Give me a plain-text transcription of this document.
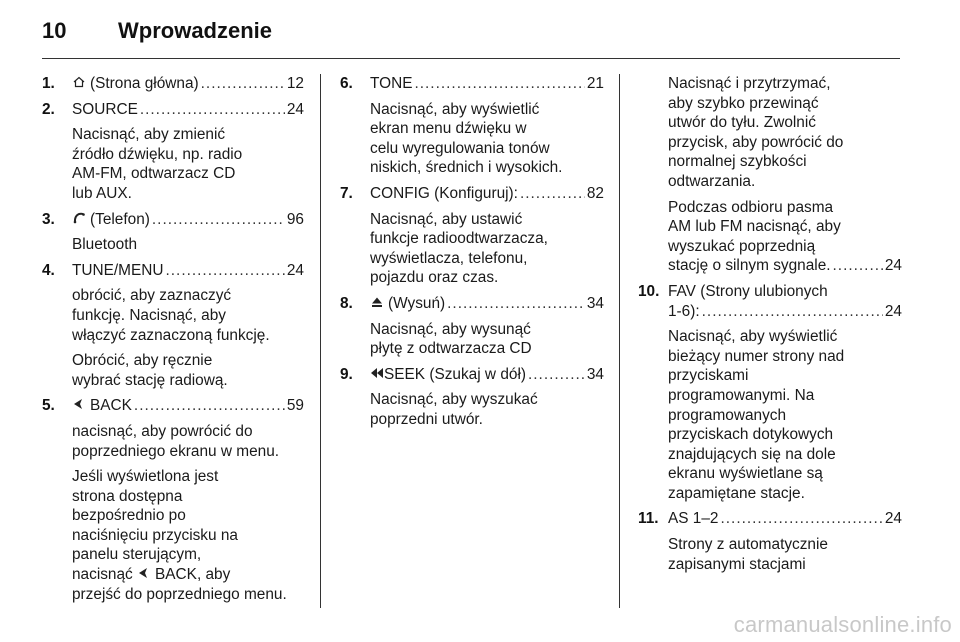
10 Wprowadzenie
1.	(Strona główna) .....	12
2. SOURCE .....	24
Nacisnąć, aby zmienić
źródło dźwięku, np. radio
AM-FM, odtwarzacz CD
lub AUX.
3.	(Telefon) .....	96
Bluetooth
4. TUNE/MENU .....	24
obrócić, aby zaznaczyć
funkcję. Nacisnąć, aby
włączyć zaznaczoną funkcję.
Obrócić, aby ręcznie
wybrać stację radiową.
5.	BACK .....	59
nacisnąć, aby powrócić do
poprzedniego ekranu w menu.
Jeśli wyświetlona jest
strona dostępna
bezpośrednio po
naciśnięciu przycisku na
panelu sterującym,
nacisnąć BACK, aby
przejść do poprzedniego menu.
6. TONE .....	21
Nacisnąć, aby wyświetlić
ekran menu dźwięku w
celu wyregulowania tonów
niskich, średnich i wysokich.
7. CONFIG (Konfiguruj): .....	82
Nacisnąć, aby ustawić
funkcje radioodtwarzacza,
wyświetlacza, telefonu,
pojazdu oraz czas.
8.	(Wysuń) .....	34
Nacisnąć, aby wysunąć
płytę z odtwarzacza CD
9.	SEEK (Szukaj w dół) .....	34
Nacisnąć, aby wyszukać
poprzedni utwór.
Nacisnąć i przytrzymać,
aby szybko przewinąć
utwór do tyłu. Zwolnić
przycisk, aby powrócić do
normalnej szybkości
odtwarzania.
Podczas odbioru pasma
AM lub FM nacisnąć, aby
wyszukać poprzednią
stację o silnym sygnale. .....	24
10. FAV (Strony ulubionych
1-6): .....	24
Nacisnąć, aby wyświetlić
bieżący numer strony nad
przyciskami
programowanymi. Na
programowanych
przyciskach dotykowych
znajdujących się na dole
ekranu wyświetlane są
zapamiętane stacje.
11. AS 1–2 .....	24
Strony z automatycznie
zapisanymi stacjami
carmanualsonline.info
